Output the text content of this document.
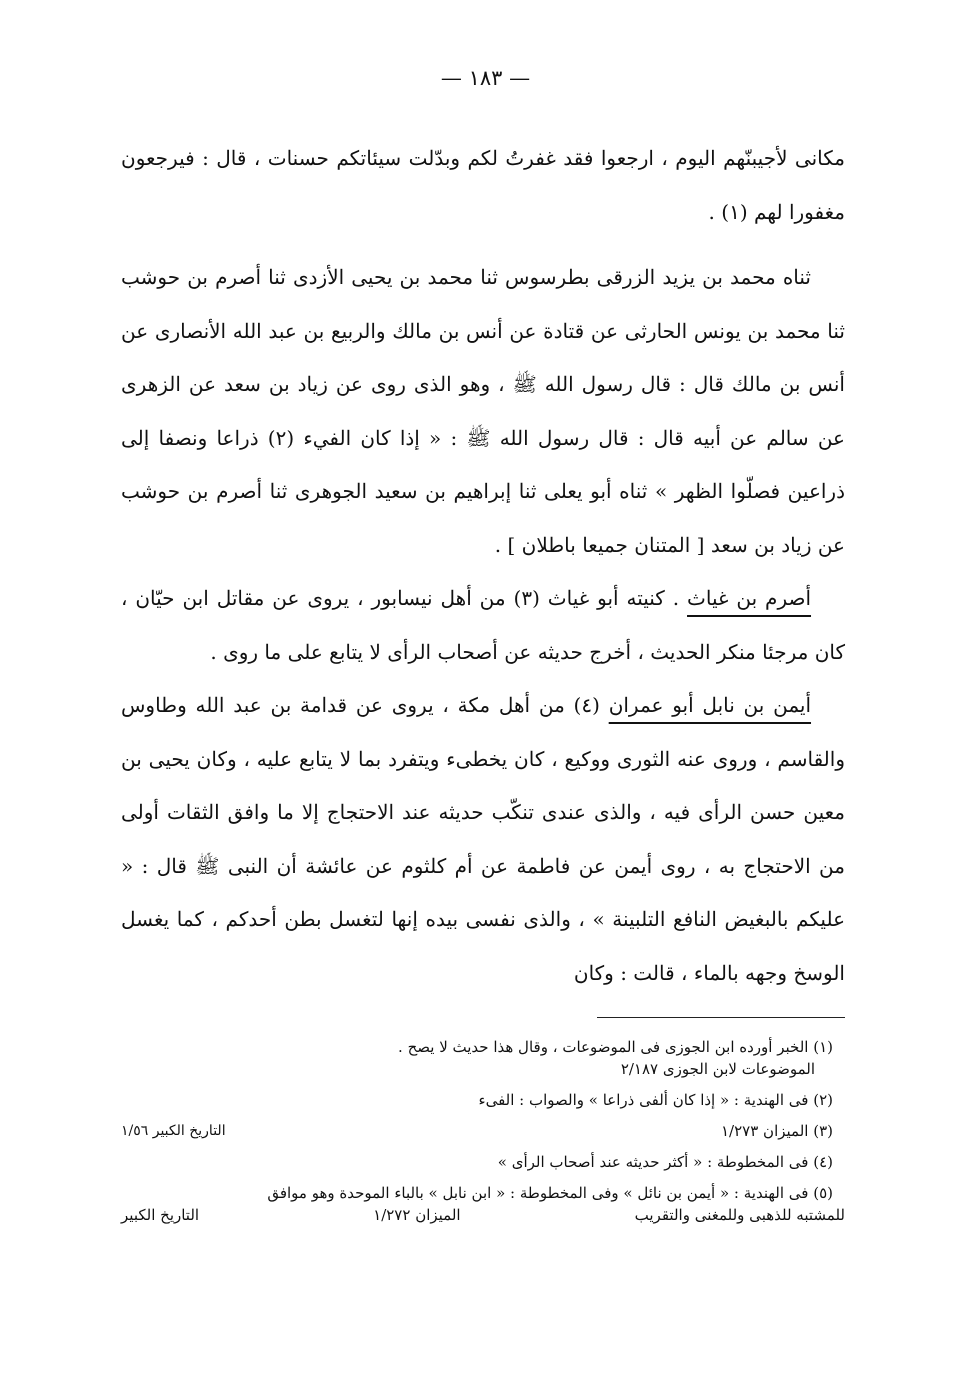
— ١٨٣ —

مكانى لأجيبنّهم اليوم ، ارجعوا فقد غفرتُ لكم وبدّلت سيئاتكم حسنات ، قال : فيرجعون مغفورا لهم (١) .

ثناه محمد بن يزيد الزرقى بطرسوس ثنا محمد بن يحيى الأزدى ثنا أصرم بن حوشب ثنا محمد بن يونس الحارثى عن قتادة عن أنس بن مالك والربيع بن عبد الله الأنصارى عن أنس بن مالك قال : قال رسول الله ﷺ ، وهو الذى روى عن زياد بن سعد عن الزهرى عن سالم عن أبيه قال : قال رسول الله ﷺ : « إذا كان الفيء (٢) ذراعا ونصفا إلى ذراعين فصلّوا الظهر » ثناه أبو يعلى ثنا إبراهيم بن سعيد الجوهرى ثنا أصرم بن حوشب عن زياد بن سعد [ المتنان جميعا باطلان ] .

أصرم بن غياث . كنيته أبو غياث (٣) من أهل نيسابور ، يروى عن مقاتل ابن حيّان ، كان مرجئا منكر الحديث ، أخرج حديثه عن أصحاب الرأى لا يتابع على ما روى .

أيمن بن نابل أبو عمران (٤) من أهل مكة ، يروى عن قدامة بن عبد الله وطاوس والقاسم ، وروى عنه الثورى ووكيع ، كان يخطىء ويتفرد بما لا يتابع عليه ، وكان يحيى بن معين حسن الرأى فيه ، والذى عندى تنكّب حديثه عند الاحتجاج إلا ما وافق الثقات أولى من الاحتجاج به ، روى أيمن عن فاطمة عن أم كلثوم عن عائشة أن النبى ﷺ قال : « عليكم بالبغيض النافع التلبينة » ، والذى نفسى بيده إنها لتغسل بطن أحدكم ، كما يغسل الوسخ وجهه بالماء ، قالت : وكان

(١) الخبر أورده ابن الجوزى فى الموضوعات ، وقال هذا حديث لا يصح .
الموضوعات لابن الجوزى ٢/١٨٧
(٢) فى الهندية : « إذا كان ألفى ذراعا » والصواب : الفىء
(٣) الميزان ١/٢٧٣
التاريخ الكبير ١/٥٦
(٤) فى المخطوطة : « أكثر حديثه عند أصحاب الرأى »
(٥) فى الهندية : « أيمن بن نائل » وفى المخطوطة : « ابن نابل » بالباء الموحدة وهو موافق
للمشتبه للذهبى وللمغنى والتقريب
الميزان ١/٢٧٢
التاريخ الكبير
